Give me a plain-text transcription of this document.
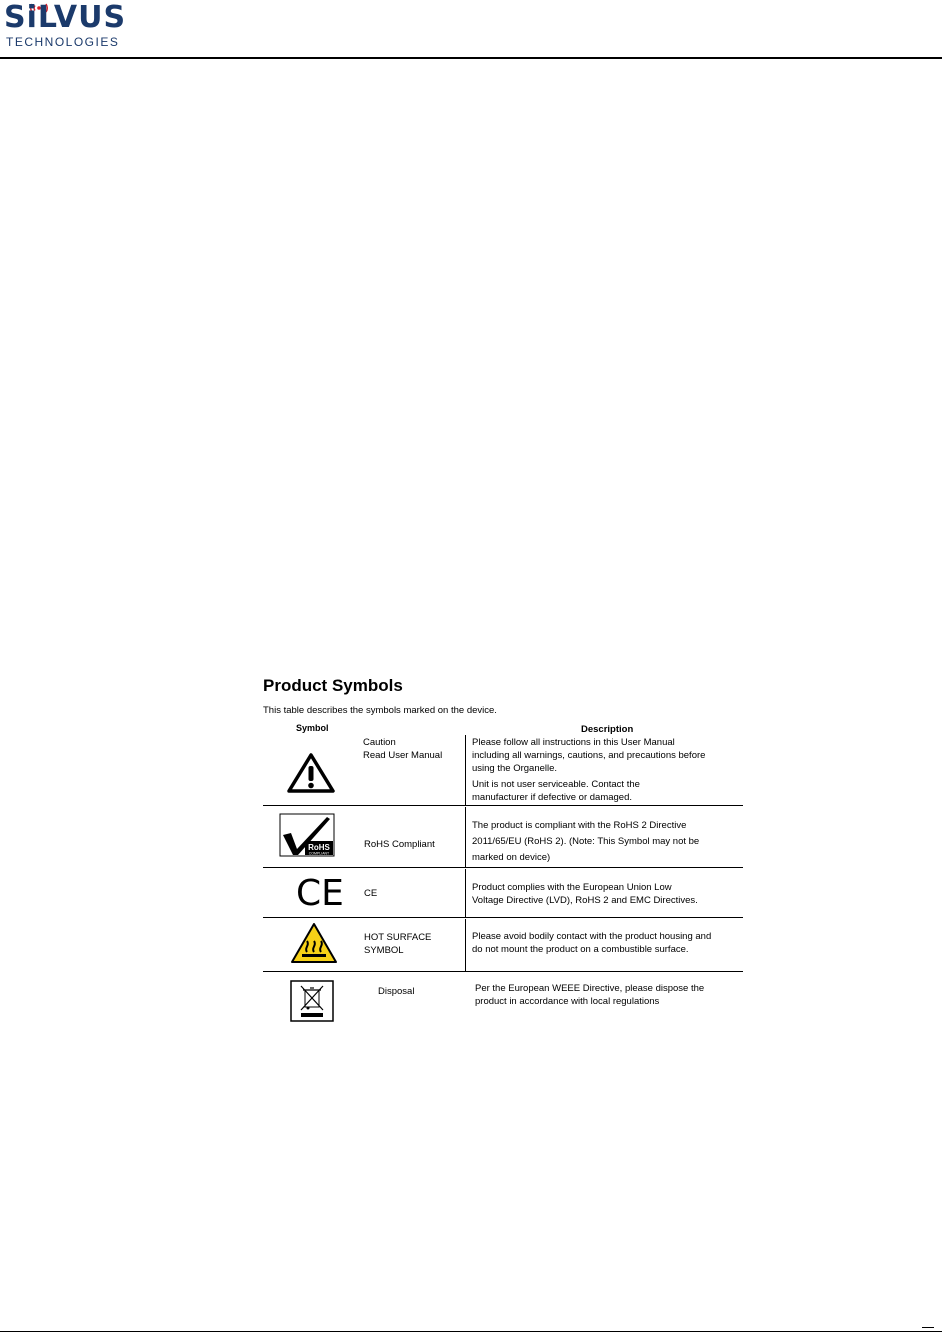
SiLVUS
TECHNOLOGIES
Product Symbols
This table describes the symbols marked on the device.
Symbol	Description
Caution
Read User Manual
Please follow all instructions in this User Manual
including all warnings, cautions, and precautions before
using the Organelle.
Unit is not user serviceable. Contact the
manufacturer if defective or damaged.
RoHS
COMPLIANT
RoHS Compliant
The product is compliant with the RoHS 2 Directive
2011/65/EU (RoHS 2). (Note: This Symbol may not be
marked on device)
CE CE
Product complies with the European Union Low
Voltage Directive (LVD), RoHS 2 and EMC Directives.
HOT SURFACE
SYMBOL
Please avoid bodily contact with the product housing and
do not mount the product on a combustible surface.
Disposal	Per the European WEEE Directive, please dispose the
product in accordance with local regulations
